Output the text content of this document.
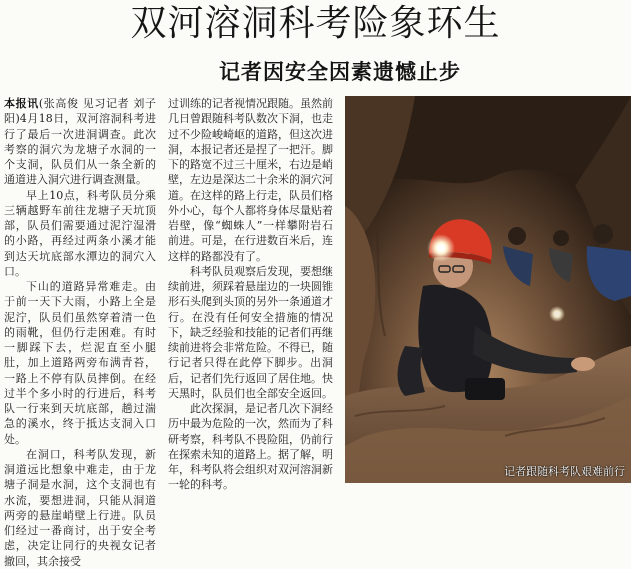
双河溶洞科考险象环生
记者因安全因素遗憾止步

本报讯(张高俊 见习记者 刘子阳)4月18日，双河溶洞科考进行了最后一次进洞调查。此次考察的洞穴为龙塘子水洞的一个支洞，队员们从一条全新的通道进入洞穴进行调查测量。

早上10点，科考队员分乘三辆越野车前往龙塘子天坑顶部，队员们需要通过泥泞湿滑的小路，再经过两条小溪才能到达天坑底部水潭边的洞穴入口。

下山的道路异常难走。由于前一天下大雨，小路上全是泥泞，队员们虽然穿着清一色的雨靴，但仍行走困难。有时一脚踩下去，烂泥直至小腿肚，加上道路两旁布满青苔，一路上不停有队员摔倒。在经过半个多小时的行进后，科考队一行来到天坑底部，趟过湍急的溪水，终于抵达支洞入口处。

在洞口，科考队发现，新洞道远比想象中难走，由于龙塘子洞是水洞，这个支洞也有水流，要想进洞，只能从洞道两旁的悬崖峭壁上行进。队员们经过一番商讨，出于安全考虑，决定让同行的央视女记者撤回，其余接受

过训练的记者视情况跟随。虽然前几日曾跟随科考队数次下洞，也走过不少险峻崎岖的道路，但这次进洞，本报记者还是捏了一把汗。脚下的路宽不过三十厘米，右边是峭壁，左边是深达二十余米的洞穴河道。在这样的路上行走，队员们格外小心，每个人都将身体尽量贴着岩壁，像“蜘蛛人”一样攀附岩石前进。可是，在行进数百米后，连这样的路都没有了。

科考队员观察后发现，要想继续前进，须踩着悬崖边的一块圆锥形石头爬到头顶的另外一条通道才行。在没有任何安全措施的情况下，缺乏经验和技能的记者们再继续前进将会非常危险。不得已，随行记者只得在此停下脚步。出洞后，记者们先行返回了居住地。快天黑时，队员们也全部安全返回。

此次探洞，是记者几次下洞经历中最为危险的一次，然而为了科研考察，科考队不畏险阻，仍前行在探索未知的道路上。据了解，明年，科考队将会组织对双河溶洞新一轮的科考。

记者跟随科考队艰难前行
